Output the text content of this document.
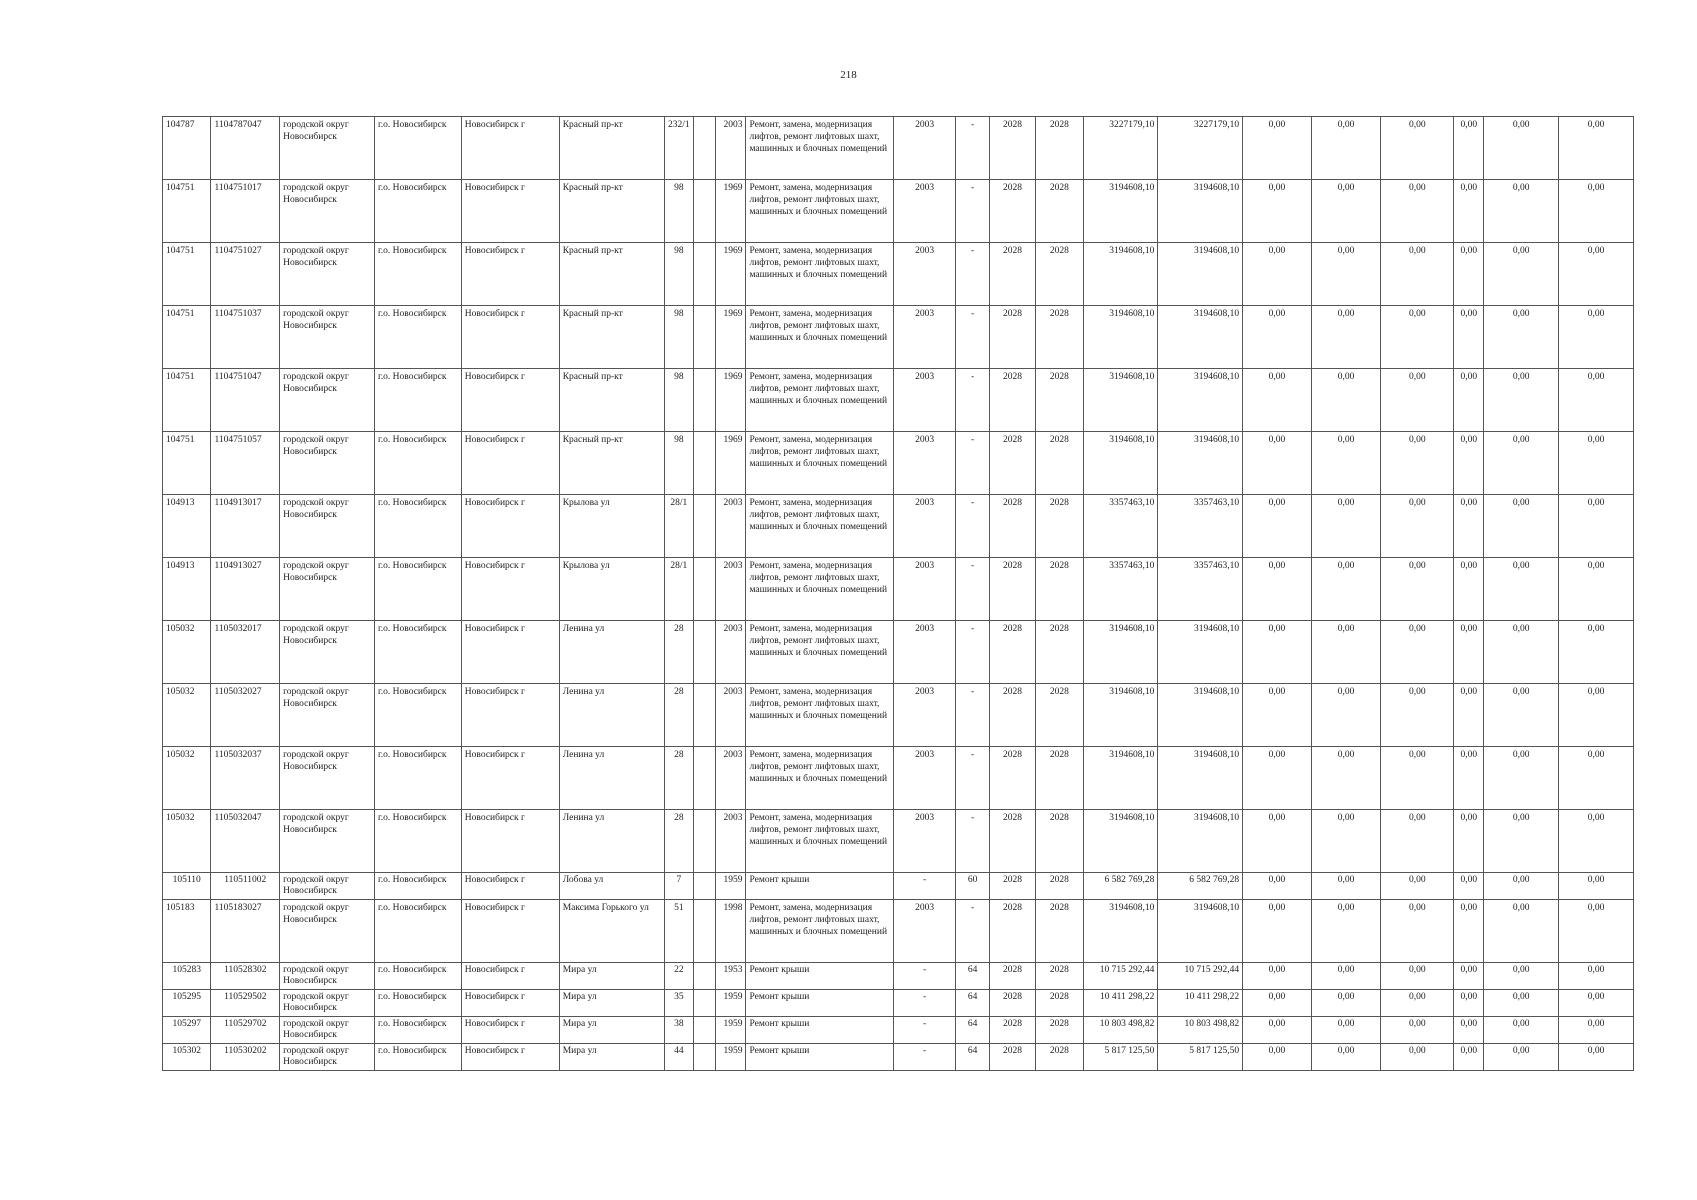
218
104787	1104787047	городской округ Новосибирск	г.о. Новосибирск	Новосибирск г	Красный пр-кт	232/1		2003	Ремонт, замена, модернизация лифтов, ремонт лифтовых шахт, машинных и блочных помещений	2003	-	2028	2028	3227179,10	3227179,10	0,00	0,00	0,00	0,00	0,00	0,00
104751	1104751017	городской округ Новосибирск	г.о. Новосибирск	Новосибирск г	Красный пр-кт	98		1969	Ремонт, замена, модернизация лифтов, ремонт лифтовых шахт, машинных и блочных помещений	2003	-	2028	2028	3194608,10	3194608,10	0,00	0,00	0,00	0,00	0,00	0,00
104751	1104751027	городской округ Новосибирск	г.о. Новосибирск	Новосибирск г	Красный пр-кт	98		1969	Ремонт, замена, модернизация лифтов, ремонт лифтовых шахт, машинных и блочных помещений	2003	-	2028	2028	3194608,10	3194608,10	0,00	0,00	0,00	0,00	0,00	0,00
104751	1104751037	городской округ Новосибирск	г.о. Новосибирск	Новосибирск г	Красный пр-кт	98		1969	Ремонт, замена, модернизация лифтов, ремонт лифтовых шахт, машинных и блочных помещений	2003	-	2028	2028	3194608,10	3194608,10	0,00	0,00	0,00	0,00	0,00	0,00
104751	1104751047	городской округ Новосибирск	г.о. Новосибирск	Новосибирск г	Красный пр-кт	98		1969	Ремонт, замена, модернизация лифтов, ремонт лифтовых шахт, машинных и блочных помещений	2003	-	2028	2028	3194608,10	3194608,10	0,00	0,00	0,00	0,00	0,00	0,00
104751	1104751057	городской округ Новосибирск	г.о. Новосибирск	Новосибирск г	Красный пр-кт	98		1969	Ремонт, замена, модернизация лифтов, ремонт лифтовых шахт, машинных и блочных помещений	2003	-	2028	2028	3194608,10	3194608,10	0,00	0,00	0,00	0,00	0,00	0,00
104913	1104913017	городской округ Новосибирск	г.о. Новосибирск	Новосибирск г	Крылова ул	28/1		2003	Ремонт, замена, модернизация лифтов, ремонт лифтовых шахт, машинных и блочных помещений	2003	-	2028	2028	3357463,10	3357463,10	0,00	0,00	0,00	0,00	0,00	0,00
104913	1104913027	городской округ Новосибирск	г.о. Новосибирск	Новосибирск г	Крылова ул	28/1		2003	Ремонт, замена, модернизация лифтов, ремонт лифтовых шахт, машинных и блочных помещений	2003	-	2028	2028	3357463,10	3357463,10	0,00	0,00	0,00	0,00	0,00	0,00
105032	1105032017	городской округ Новосибирск	г.о. Новосибирск	Новосибирск г	Ленина ул	28		2003	Ремонт, замена, модернизация лифтов, ремонт лифтовых шахт, машинных и блочных помещений	2003	-	2028	2028	3194608,10	3194608,10	0,00	0,00	0,00	0,00	0,00	0,00
105032	1105032027	городской округ Новосибирск	г.о. Новосибирск	Новосибирск г	Ленина ул	28		2003	Ремонт, замена, модернизация лифтов, ремонт лифтовых шахт, машинных и блочных помещений	2003	-	2028	2028	3194608,10	3194608,10	0,00	0,00	0,00	0,00	0,00	0,00
105032	1105032037	городской округ Новосибирск	г.о. Новосибирск	Новосибирск г	Ленина ул	28		2003	Ремонт, замена, модернизация лифтов, ремонт лифтовых шахт, машинных и блочных помещений	2003	-	2028	2028	3194608,10	3194608,10	0,00	0,00	0,00	0,00	0,00	0,00
105032	1105032047	городской округ Новосибирск	г.о. Новосибирск	Новосибирск г	Ленина ул	28		2003	Ремонт, замена, модернизация лифтов, ремонт лифтовых шахт, машинных и блочных помещений	2003	-	2028	2028	3194608,10	3194608,10	0,00	0,00	0,00	0,00	0,00	0,00
105110	110511002	городской округ Новосибирск	г.о. Новосибирск	Новосибирск г	Лобова ул	7		1959	Ремонт крыши	-	60	2028	2028	6 582 769,28	6 582 769,28	0,00	0,00	0,00	0,00	0,00	0,00
105183	1105183027	городской округ Новосибирск	г.о. Новосибирск	Новосибирск г	Максима Горького ул	51		1998	Ремонт, замена, модернизация лифтов, ремонт лифтовых шахт, машинных и блочных помещений	2003	-	2028	2028	3194608,10	3194608,10	0,00	0,00	0,00	0,00	0,00	0,00
105283	110528302	городской округ Новосибирск	г.о. Новосибирск	Новосибирск г	Мира ул	22		1953	Ремонт крыши	-	64	2028	2028	10 715 292,44	10 715 292,44	0,00	0,00	0,00	0,00	0,00	0,00
105295	110529502	городской округ Новосибирск	г.о. Новосибирск	Новосибирск г	Мира ул	35		1959	Ремонт крыши	-	64	2028	2028	10 411 298,22	10 411 298,22	0,00	0,00	0,00	0,00	0,00	0,00
105297	110529702	городской округ Новосибирск	г.о. Новосибирск	Новосибирск г	Мира ул	38		1959	Ремонт крыши	-	64	2028	2028	10 803 498,82	10 803 498,82	0,00	0,00	0,00	0,00	0,00	0,00
105302	110530202	городской округ Новосибирск	г.о. Новосибирск	Новосибирск г	Мира ул	44		1959	Ремонт крыши	-	64	2028	2028	5 817 125,50	5 817 125,50	0,00	0,00	0,00	0,00	0,00	0,00
